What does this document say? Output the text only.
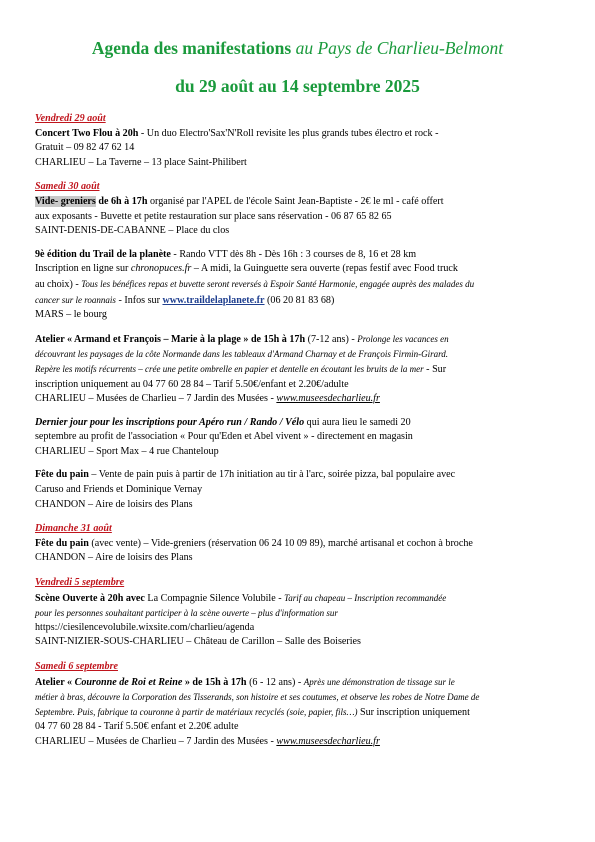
Agenda des manifestations au Pays de Charlieu-Belmont
du 29 août au 14 septembre 2025
Vendredi 29 août
Concert Two Flou à 20h - Un duo Electro'Sax'N'Roll revisite les plus grands tubes électro et rock -
Gratuit – 09 82 47 62 14
CHARLIEU – La Taverne – 13 place Saint-Philibert
Samedi 30 août
Vide- greniers de 6h à 17h organisé par l'APEL de l'école Saint Jean-Baptiste - 2€ le ml - café offert
aux exposants - Buvette et petite restauration sur place sans réservation - 06 87 65 82 65
SAINT-DENIS-DE-CABANNE – Place du clos
9è édition du Trail de la planète - Rando VTT dès 8h - Dès 16h : 3 courses de 8, 16 et 28 km
Inscription en ligne sur chronopuces.fr – A midi, la Guinguette sera ouverte (repas festif avec Food truck
au choix) - Tous les bénéfices repas et buvette seront reversés à Espoir Santé Harmonie, engagée auprès des malades du
cancer sur le roannais - Infos sur www.traildelaplanete.fr (06 20 81 83 68)
MARS – le bourg
Atelier « Armand et François – Marie à la plage » de 15h à 17h (7-12 ans) - Prolonge les vacances en
découvrant les paysages de la côte Normande dans les tableaux d'Armand Charnay et de François Firmin-Girard.
Repère les motifs récurrents – crée une petite ombrelle en papier et dentelle en écoutant les bruits de la mer - Sur
inscription uniquement au 04 77 60 28 84 – Tarif 5.50€/enfant et 2.20€/adulte
CHARLIEU – Musées de Charlieu – 7 Jardin des Musées - www.museesdecharlieu.fr
Dernier jour pour les inscriptions pour Apéro run / Rando / Vélo qui aura lieu le samedi 20
septembre au profit de l'association « Pour qu'Eden et Abel vivent » - directement en magasin
CHARLIEU – Sport Max – 4 rue Chanteloup
Fête du pain – Vente de pain puis à partir de 17h initiation au tir à l'arc, soirée pizza, bal populaire avec
Caruso and Friends et Dominique Vernay
CHANDON – Aire de loisirs des Plans
Dimanche 31 août
Fête du pain (avec vente) – Vide-greniers (réservation 06 24 10 09 89), marché artisanal et cochon à broche
CHANDON – Aire de loisirs des Plans
Vendredi 5 septembre
Scène Ouverte à 20h avec La Compagnie Silence Volubile - Tarif au chapeau – Inscription recommandée
pour les personnes souhaitant participer à la scène ouverte – plus d'information sur
https://ciesilencevolubile.wixsite.com/charlieu/agenda
SAINT-NIZIER-SOUS-CHARLIEU – Château de Carillon – Salle des Boiseries
Samedi 6 septembre
Atelier « Couronne de Roi et Reine » de 15h à 17h (6 - 12 ans) - Après une démonstration de tissage sur le
métier à bras, découvre la Corporation des Tisserands, son histoire et ses coutumes, et observe les robes de Notre Dame de
Septembre. Puis, fabrique ta couronne à partir de matériaux recyclés (soie, papier, fils…) Sur inscription uniquement
04 77 60 28 84 - Tarif 5.50€ enfant et 2.20€ adulte
CHARLIEU – Musées de Charlieu – 7 Jardin des Musées - www.museesdecharlieu.fr
